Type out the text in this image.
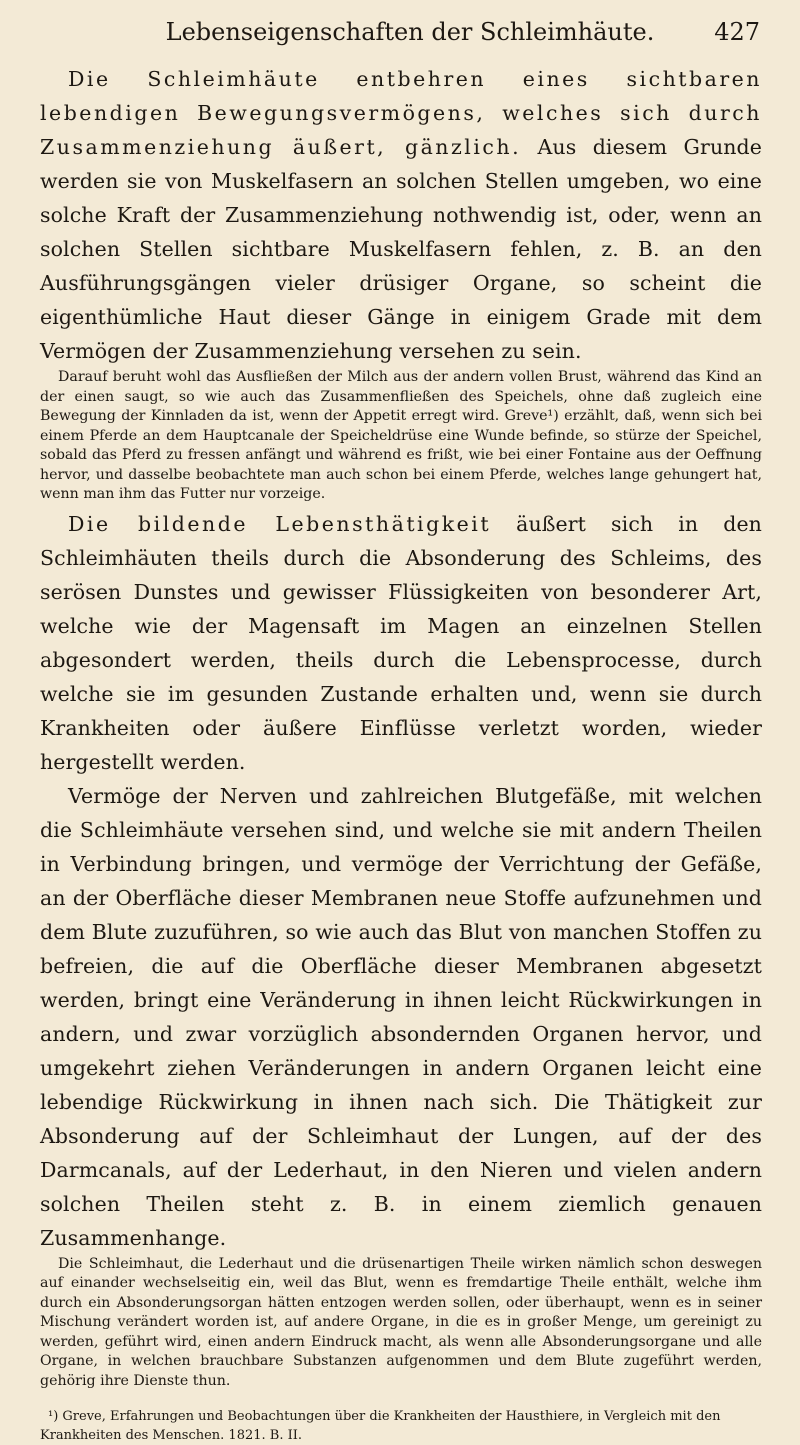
Lebenseigenschaften der Schleimhäute.	427

Die Schleimhäute entbehren eines sichtbaren lebendigen Bewegungsvermögens, welches sich durch Zusammenziehung äußert, gänzlich. Aus diesem Grunde werden sie von Muskelfasern an solchen Stellen umgeben, wo eine solche Kraft der Zusammenziehung nothwendig ist, oder, wenn an solchen Stellen sichtbare Muskelfasern fehlen, z. B. an den Ausführungsgängen vieler drüsiger Organe, so scheint die eigenthümliche Haut dieser Gänge in einigem Grade mit dem Vermögen der Zusammenziehung versehen zu sein.

Darauf beruht wohl das Ausfließen der Milch aus der andern vollen Brust, während das Kind an der einen saugt, so wie auch das Zusammenfließen des Speichels, ohne daß zugleich eine Bewegung der Kinnladen da ist, wenn der Appetit erregt wird. Greve¹) erzählt, daß, wenn sich bei einem Pferde an dem Hauptcanale der Speicheldrüse eine Wunde befinde, so stürze der Speichel, sobald das Pferd zu fressen anfängt und während es frißt, wie bei einer Fontaine aus der Oeffnung hervor, und dasselbe beobachtete man auch schon bei einem Pferde, welches lange gehungert hat, wenn man ihm das Futter nur vorzeige.

Die bildende Lebensthätigkeit äußert sich in den Schleimhäuten theils durch die Absonderung des Schleims, des serösen Dunstes und gewisser Flüssigkeiten von besonderer Art, welche wie der Magensaft im Magen an einzelnen Stellen abgesondert werden, theils durch die Lebensprocesse, durch welche sie im gesunden Zustande erhalten und, wenn sie durch Krankheiten oder äußere Einflüsse verletzt worden, wieder hergestellt werden.

Vermöge der Nerven und zahlreichen Blutgefäße, mit welchen die Schleimhäute versehen sind, und welche sie mit andern Theilen in Verbindung bringen, und vermöge der Verrichtung der Gefäße, an der Oberfläche dieser Membranen neue Stoffe aufzunehmen und dem Blute zuzuführen, so wie auch das Blut von manchen Stoffen zu befreien, die auf die Oberfläche dieser Membranen abgesetzt werden, bringt eine Veränderung in ihnen leicht Rückwirkungen in andern, und zwar vorzüglich absondernden Organen hervor, und umgekehrt ziehen Veränderungen in andern Organen leicht eine lebendige Rückwirkung in ihnen nach sich. Die Thätigkeit zur Absonderung auf der Schleimhaut der Lungen, auf der des Darmcanals, auf der Lederhaut, in den Nieren und vielen andern solchen Theilen steht z. B. in einem ziemlich genauen Zusammenhange.

Die Schleimhaut, die Lederhaut und die drüsenartigen Theile wirken nämlich schon deswegen auf einander wechselseitig ein, weil das Blut, wenn es fremdartige Theile enthält, welche ihm durch ein Absonderungsorgan hätten entzogen werden sollen, oder überhaupt, wenn es in seiner Mischung verändert worden ist, auf andere Organe, in die es in großer Menge, um gereinigt zu werden, geführt wird, einen andern Eindruck macht, als wenn alle Absonderungsorgane und alle Organe, in welchen brauchbare Substanzen aufgenommen und dem Blute zugeführt werden, gehörig ihre Dienste thun.

¹) Greve, Erfahrungen und Beobachtungen über die Krankheiten der Hausthiere, in Vergleich mit den Krankheiten des Menschen. 1821. B. II.
